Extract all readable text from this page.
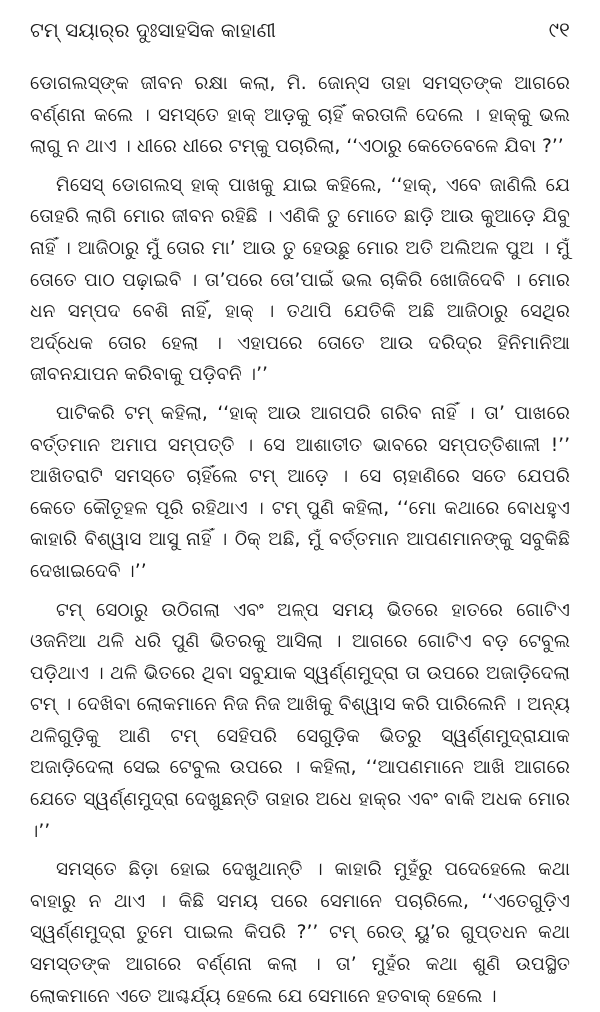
ଟମ୍ ସୟାର୍‌ର ଦୁଃସାହସିକ କାହାଣୀ	୯୧

ଡୋଗଲସ୍‌ଙ୍କ ଜୀବନ ରକ୍ଷା କଲା, ମି. ଜୋନ୍‌ସ ତାହା ସମସ୍ତଙ୍କ ଆଗରେ ବର୍ଣ୍ଣନା କଲେ । ସମସ୍ତେ ହାକ୍ ଆଡ଼କୁ ଚାହିଁ କରତାଳି ଦେଲେ । ହାକ୍‌କୁ ଭଲ ଲାଗୁ ନ ଥାଏ । ଧୀରେ ଧୀରେ ଟମ୍‌କୁ ପଚାରିଲା, ‘‘ଏଠାରୁ କେତେବେଳେ ଯିବା ?’’

ମିସେସ୍ ଡୋଗଲସ୍ ହାକ୍ ପାଖକୁ ଯାଇ କହିଲେ, ‘‘ହାକ୍, ଏବେ ଜାଣିଲି ଯେ ତୋହରି ଲାଗି ମୋର ଜୀବନ ରହିଛି । ଏଣିକି ତୁ ମୋତେ ଛାଡ଼ି ଆଉ କୁଆଡ଼େ ଯିବୁ ନାହିଁ । ଆଜିଠାରୁ ମୁଁ ତୋର ମା’ ଆଉ ତୁ ହେଉଛୁ ମୋର ଅତି ଅଲିଅଳ ପୁଅ । ମୁଁ ତୋତେ ପାଠ ପଢ଼ାଇବି । ତା’ପରେ ତୋ’ପାଇଁ ଭଲ ଚାକିରି ଖୋଜିଦେବି । ମୋର ଧନ ସମ୍ପଦ ବେଶି ନାହିଁ, ହାକ୍ । ତଥାପି ଯେତିକି ଅଛି ଆଜିଠାରୁ ସେଥିର ଅର୍ଦ୍ଧେକ ତୋର ହେଲା । ଏହାପରେ ତୋତେ ଆଉ ଦରିଦ୍ର ହିନିମାନିଆ ଜୀବନଯାପନ କରିବାକୁ ପଡ଼ିବନି ।’’

ପାଟିକରି ଟମ୍ କହିଲା, ‘‘ହାକ୍ ଆଉ ଆଗପରି ଗରିବ ନାହିଁ । ତା’ ପାଖରେ ବର୍ତ୍ତମାନ ଅମାପ ସମ୍ପତ୍ତି । ସେ ଆଶାତୀତ ଭାବରେ ସମ୍ପତ୍ତିଶାଳୀ !’’ ଆଖିତରାଟି ସମସ୍ତେ ଚାହିଁଲେ ଟମ୍ ଆଡ଼େ । ସେ ଚାହାଣିରେ ସତେ ଯେପରି କେତେ କୌତୂହଳ ପୂରି ରହିଥାଏ । ଟମ୍ ପୁଣି କହିଲା, ‘‘ମୋ କଥାରେ ବୋଧହୁଏ କାହାରି ବିଶ୍ୱାସ ଆସୁ ନାହିଁ । ଠିକ୍ ଅଛି, ମୁଁ ବର୍ତ୍ତମାନ ଆପଣମାନଙ୍କୁ ସବୁକିଛି ଦେଖାଇଦେବି ।’’

ଟମ୍ ସେଠାରୁ ଉଠିଗଲା ଏବଂ ଅଳ୍ପ ସମୟ ଭିତରେ ହାତରେ ଗୋଟିଏ ଓଜନିଆ ଥଳି ଧରି ପୁଣି ଭିତରକୁ ଆସିଲା । ଆଗରେ ଗୋଟିଏ ବଡ଼ ଟେବୁଲ ପଡ଼ିଥାଏ । ଥଳି ଭିତରେ ଥିବା ସବୁଯାକ ସ୍ୱର୍ଣ୍ଣମୁଦ୍ରା ତା ଉପରେ ଅଜାଡ଼ିଦେଲା ଟମ୍ । ଦେଖିବା ଲୋକମାନେ ନିଜ ନିଜ ଆଖିକୁ ବିଶ୍ୱାସ କରି ପାରିଲେନି । ଅନ୍ୟ ଥଳିଗୁଡ଼ିକୁ ଆଣି ଟମ୍ ସେହିପରି ସେଗୁଡ଼ିକ ଭିତରୁ ସ୍ୱର୍ଣ୍ଣମୁଦ୍ରାଯାକ ଅଜାଡ଼ିଦେଲା ସେଇ ଟେବୁଲ ଉପରେ । କହିଲା, ‘‘ଆପଣମାନେ ଆଖି ଆଗରେ ଯେତେ ସ୍ୱର୍ଣ୍ଣମୁଦ୍ରା ଦେଖୁଛନ୍ତି ତାହାର ଅଧେ ହାକ୍‌ର ଏବଂ ବାକି ଅଧକ ମୋର ।’’

ସମସ୍ତେ ଛିଡ଼ା ହୋଇ ଦେଖୁଥାନ୍ତି । କାହାରି ମୁହଁରୁ ପଦେହେଲେ କଥା ବାହାରୁ ନ ଥାଏ । କିଛି ସମୟ ପରେ ସେମାନେ ପଚାରିଲେ, ‘‘ଏତେଗୁଡ଼ିଏ ସ୍ୱର୍ଣ୍ଣମୁଦ୍ରା ତୁମେ ପାଇଲ କିପରି ?’’ ଟମ୍ ରେଡ୍ ୟୁ’ର ଗୁପ୍ତଧନ କଥା ସମସ୍ତଙ୍କ ଆଗରେ ବର୍ଣ୍ଣନା କଲା । ତା’ ମୁହଁର କଥା ଶୁଣି ଉପସ୍ଥିତ ଲୋକମାନେ ଏତେ ଆଶ୍ଚର୍ଯ୍ୟ ହେଲେ ଯେ ସେମାନେ ହତବାକ୍ ହେଲେ ।
